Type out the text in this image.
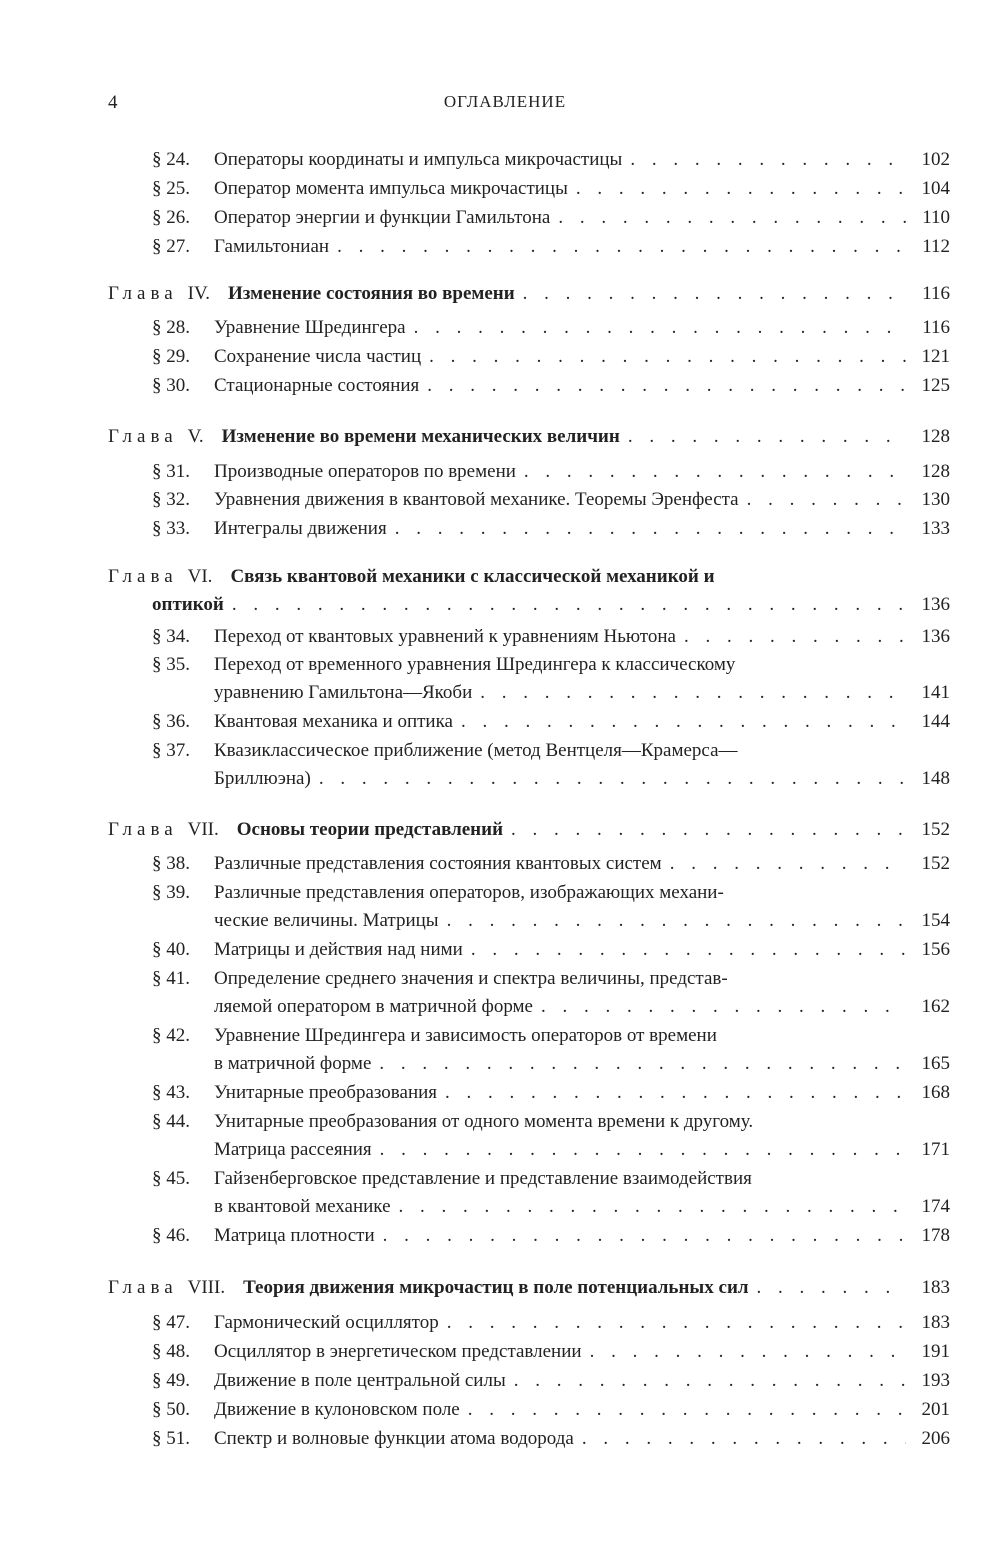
4	ОГЛАВЛЕНИЕ
§ 24.	Операторы координаты и импульса микрочастицы . . .	102
§ 25.	Оператор момента импульса микрочастицы . . .	104
§ 26.	Оператор энергии и функции Гамильтона . . .	110
§ 27.	Гамильтониан . . .	112
Глава IV. Изменение состояния во времени . . .	116
§ 28.	Уравнение Шредингера . . .	116
§ 29.	Сохранение числа частиц . . .	121
§ 30.	Стационарные состояния . . .	125
Глава V. Изменение во времени механических величин . . .	128
§ 31.	Производные операторов по времени . . .	128
§ 32.	Уравнения движения в квантовой механике. Теоремы Эренфеста . . .	130
§ 33.	Интегралы движения . . .	133
Глава VI. Связь квантовой механики с классической механикой и
оптикой . . .	136
§ 34.	Переход от квантовых уравнений к уравнениям Ньютона . . .	136
§ 35.	Переход от временного уравнения Шредингера к классическому
уравнению Гамильтона—Якоби . . .	141
§ 36.	Квантовая механика и оптика . . .	144
§ 37.	Квазиклассическое приближение (метод Вентцеля—Крамерса—
Бриллюэна) . . .	148
Глава VII. Основы теории представлений . . .	152
§ 38.	Различные представления состояния квантовых систем . . .	152
§ 39.	Различные представления операторов, изображающих механи-
ческие величины. Матрицы . . .	154
§ 40.	Матрицы и действия над ними . . .	156
§ 41.	Определение среднего значения и спектра величины, представ-
ляемой оператором в матричной форме . . .	162
§ 42.	Уравнение Шредингера и зависимость операторов от времени
в матричной форме . . .	165
§ 43.	Унитарные преобразования . . .	168
§ 44.	Унитарные преобразования от одного момента времени к другому.
Матрица рассеяния . . .	171
§ 45.	Гайзенберговское представление и представление взаимодействия
в квантовой механике . . .	174
§ 46.	Матрица плотности . . .	178
Глава VIII. Теория движения микрочастиц в поле потенциальных сил . . .	183
§ 47.	Гармонический осциллятор . . .	183
§ 48.	Осциллятор в энергетическом представлении . . .	191
§ 49.	Движение в поле центральной силы . . .	193
§ 50.	Движение в кулоновском поле . . .	201
§ 51.	Спектр и волновые функции атома водорода . . .	206
